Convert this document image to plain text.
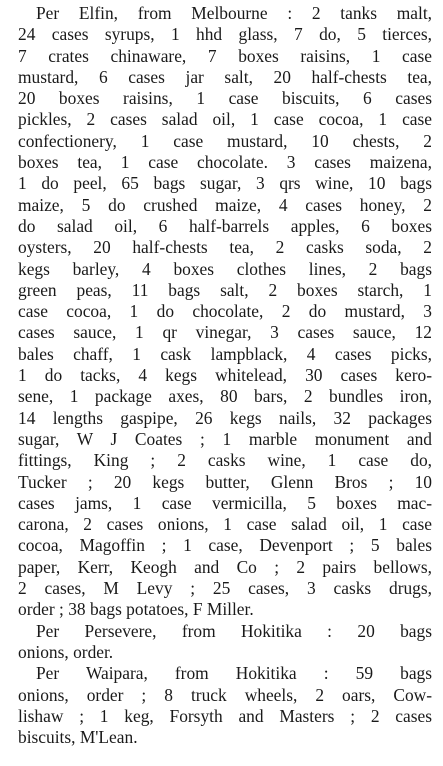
Per Elfin, from Melbourne : 2 tanks malt,
24 cases syrups, 1 hhd glass, 7 do, 5 tierces,
7 crates chinaware, 7 boxes raisins, 1 case
mustard, 6 cases jar salt, 20 half-chests tea,
20 boxes raisins, 1 case biscuits, 6 cases
pickles, 2 cases salad oil, 1 case cocoa, 1 case
confectionery, 1 case mustard, 10 chests, 2
boxes tea, 1 case chocolate. 3 cases maizena,
1 do peel, 65 bags sugar, 3 qrs wine, 10 bags
maize, 5 do crushed maize, 4 cases honey, 2
do salad oil, 6 half-barrels apples, 6 boxes
oysters, 20 half-chests tea, 2 casks soda, 2
kegs barley, 4 boxes clothes lines, 2 bags
green peas, 11 bags salt, 2 boxes starch, 1
case cocoa, 1 do chocolate, 2 do mustard, 3
cases sauce, 1 qr vinegar, 3 cases sauce, 12
bales chaff, 1 cask lampblack, 4 cases picks,
1 do tacks, 4 kegs whitelead, 30 cases kero-
sene, 1 package axes, 80 bars, 2 bundles iron,
14 lengths gaspipe, 26 kegs nails, 32 packages
sugar, W J Coates ; 1 marble monument and
fittings, King ; 2 casks wine, 1 case do,
Tucker ; 20 kegs butter, Glenn Bros ; 10
cases jams, 1 case vermicilla, 5 boxes mac-
carona, 2 cases onions, 1 case salad oil, 1 case
cocoa, Magoffin ; 1 case, Devenport ; 5 bales
paper, Kerr, Keogh and Co ; 2 pairs bellows,
2 cases, M Levy ; 25 cases, 3 casks drugs,
order ; 38 bags potatoes, F Miller.
Per Persevere, from Hokitika : 20 bags
onions, order.
Per Waipara, from Hokitika : 59 bags
onions, order ; 8 truck wheels, 2 oars, Cow-
lishaw ; 1 keg, Forsyth and Masters ; 2 cases
biscuits, M'Lean.
